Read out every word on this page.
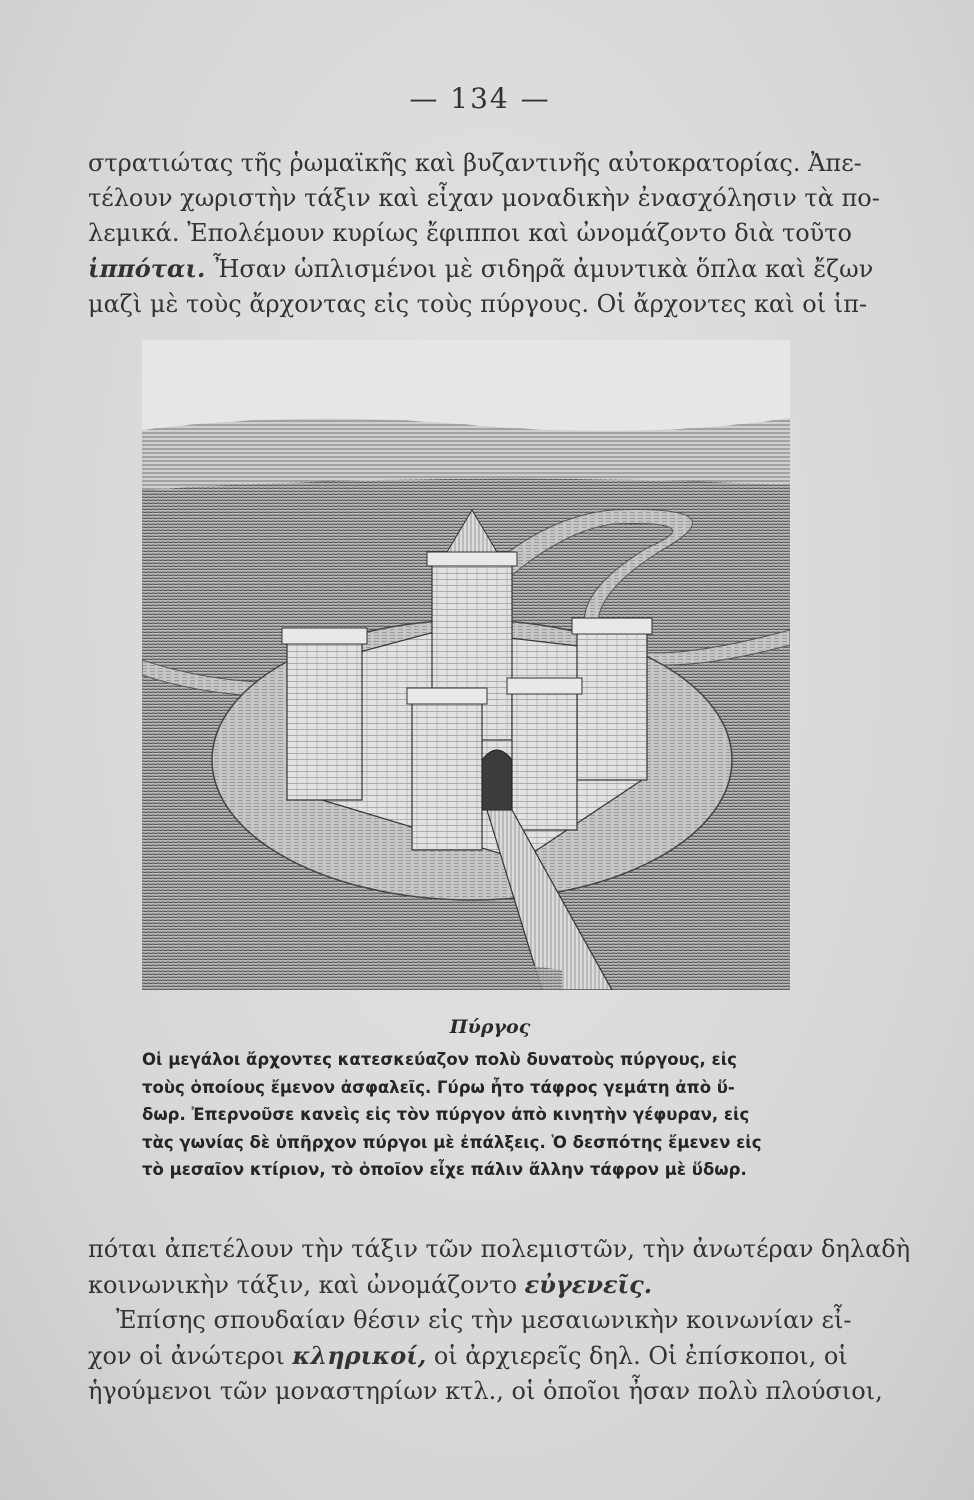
— 134 —

στρατιώτας τῆς ῥωμαϊκῆς καὶ βυζαντινῆς αὐτοκρατορίας. Ἀπε-

τέλουν χωριστὴν τάξιν καὶ εἶχαν μοναδικὴν ἐνασχόλησιν τὰ πο-

λεμικά. Ἐπολέμουν κυρίως ἔφιπποι καὶ ὠνομάζοντο διὰ τοῦτο

ἱππόται. Ἦσαν ὡπλισμένοι μὲ σιδηρᾶ ἀμυντικὰ ὅπλα καὶ ἔζων

μαζὶ μὲ τοὺς ἄρχοντας εἰς τοὺς πύργους. Οἱ ἄρχοντες καὶ οἱ ἱπ-

Πύργος

Οἱ μεγάλοι ἄρχοντες κατεσκεύαζον πολὺ δυνατοὺς πύργους, εἰς

τοὺς ὁποίους ἔμενον ἀσφαλεῖς. Γύρω ἦτο τάφρος γεμάτη ἀπὸ ὕ-

δωρ. Ἐπερνοῦσε κανεὶς εἰς τὸν πύργον ἀπὸ κινητὴν γέφυραν, εἰς

τὰς γωνίας δὲ ὑπῆρχον πύργοι μὲ ἐπάλξεις. Ὁ δεσπότης ἔμενεν εἰς

τὸ μεσαῖον κτίριον, τὸ ὁποῖον εἶχε πάλιν ἄλλην τάφρον μὲ ὕδωρ.

πόται ἀπετέλουν τὴν τάξιν τῶν πολεμιστῶν, τὴν ἀνωτέραν δηλαδὴ

κοινωνικὴν τάξιν, καὶ ὠνομάζοντο εὐγενεῖς.

Ἐπίσης σπουδαίαν θέσιν εἰς τὴν μεσαιωνικὴν κοινωνίαν εἶ-

χον οἱ ἀνώτεροι κληρικοί, οἱ ἀρχιερεῖς δηλ. Οἱ ἐπίσκοποι, οἱ

ἡγούμενοι τῶν μοναστηρίων κτλ., οἱ ὁποῖοι ἦσαν πολὺ πλούσιοι,
